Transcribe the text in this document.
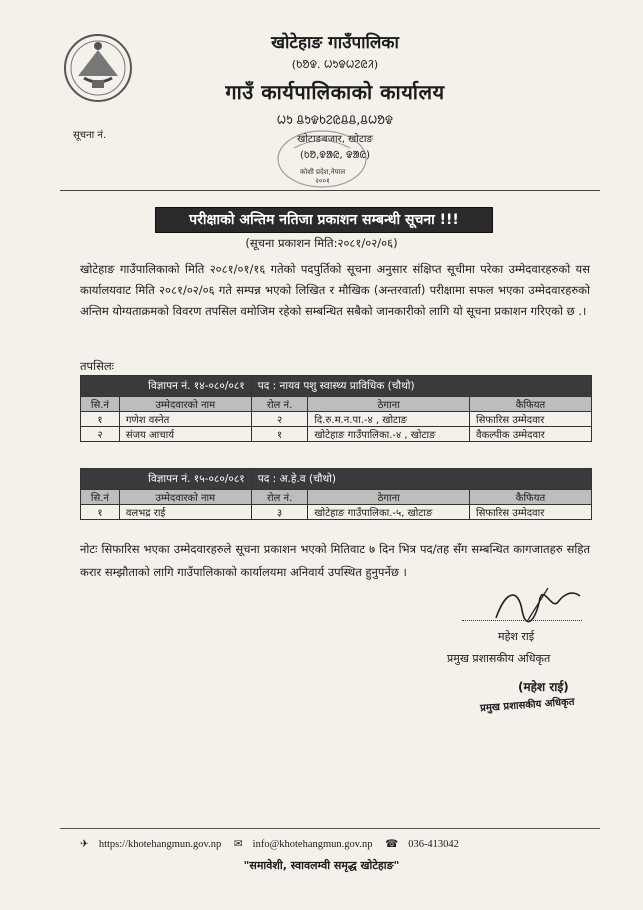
सूचना नं.
खोटेहाङ गाउँपालिका
(ᱠᱚᱫ. ᱦᱩᱫᱦᱮᱭᱤ)
गाउँ कार्यपालिकाको कार्यालय
ᱦᱩ ᱪᱩᱫᱠᱮᱭᱪᱪ,ᱪᱦᱚᱫ
खोटाङबजार, खोटाङ
(ᱠᱚ,ᱫᱟᱭ, ᱫᱟᱭ)
कोशी प्रदेश,नेपाल
२००१
परीक्षाको अन्तिम नतिजा प्रकाशन सम्बन्धी सूचना !!!
(सूचना प्रकाशन मिति:२०८१/०२/०६)
खोटेहाङ गाउँपालिकाको मिति २०८१/०१/१६ गतेको पदपुर्तिको सूचना अनुसार संक्षिप्त सूचीमा परेका उम्मेदवारहरुको यस कार्यालयवाट मिति २०८१/०२/०६ गते सम्पन्न भएको लिखित र मौखिक (अन्तरवार्ता) परीक्षामा सफल भएका उम्मेदवारहरुको अन्तिम योग्यताक्रमको विवरण तपसिल वमोजिम रहेको सम्बन्धित सबैको जानकारीको लागि यो सूचना प्रकाशन गरिएको छ .।
तपसिलः
विज्ञापन नं. १४-०८०/०८१		पद : नायव पशु स्वास्थ्य प्राविधिक (चौथो)		
सि.नं	उम्मेदवारको नाम	रोल नं.	ठेगाना	कैफियत
१	गणेश वस्नेत	२	दि.रु.म.न.पा.-४ , खोटाङ	सिफारिस उम्मेदवार
२	संजय आचार्य	१	खोटेहाङ गाउँपालिका.-४ , खोटाङ	वैकल्पीक उम्मेदवार
विज्ञापन नं. १५-०८०/०८१		पद : अ.हे.व (चौथो)		
सि.नं	उम्मेदवारको नाम	रोल नं.	ठेगाना	कैफियत
१	वलभद्र राई	३	खोटेहाङ गाउँपालिका.-५, खोटाङ	सिफारिस उम्मेदवार
नोटः सिफारिस भएका उम्मेदवारहरुले सूचना प्रकाशन भएको मितिवाट ७ दिन भित्र पद/तह सँग सम्बन्धित कागजातहरु सहित करार सम्झौताको लागि गाउँपालिकाको कार्यालयमा अनिवार्य उपस्थित हुनुपर्नेछ ।
महेश राई
प्रमुख प्रशासकीय अधिकृत
(महेश राई)
प्रमुख प्रशासकीय अधिकृत
✈ https://khotehangmun.gov.np ✉ info@khotehangmun.gov.np ☎ 036-413042
"समावेशी, स्वावलम्वी समृद्ध खोटेहाङ"
